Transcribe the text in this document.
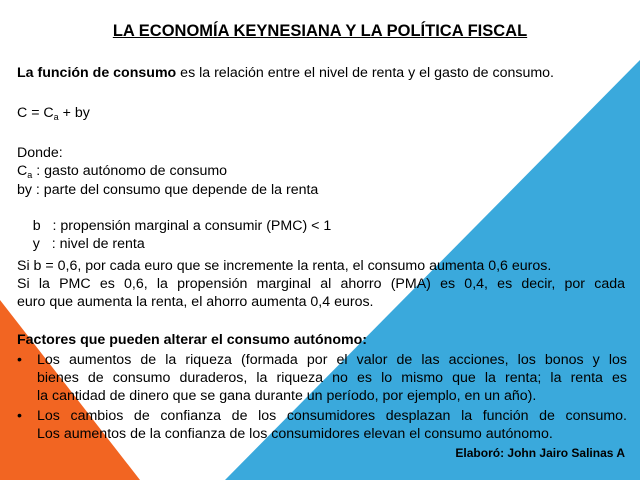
LA ECONOMÍA KEYNESIANA Y LA POLÍTICA FISCAL
La función de consumo es la relación entre el nivel de renta y el gasto de consumo.
$C = C_a$ + by
Donde:
$C_a$ : gasto autónomo de consumo
by : parte del consumo que depende de la renta

b   : propensión marginal a consumir (PMC) < 1

y   : nivel de renta

Si b = 0,6, por cada euro que se incremente la renta, el consumo aumenta 0,6 euros.
Si la PMC es 0,6, la propensión marginal al ahorro (PMA) es 0,4, es decir, por cada
euro que aumenta la renta, el ahorro aumenta 0,4 euros.
Factores que pueden alterar el consumo autónomo:
• Los aumentos de la riqueza (formada por el valor de las acciones, los bonos y los
bienes de consumo duraderos, la riqueza no es lo mismo que la renta; la renta es
la cantidad de dinero que se gana durante un período, por ejemplo, en un año).
• Los cambios de confianza de los consumidores desplazan la función de consumo.
Los aumentos de la confianza de los consumidores elevan el consumo autónomo.
Elaboró: John Jairo Salinas A
